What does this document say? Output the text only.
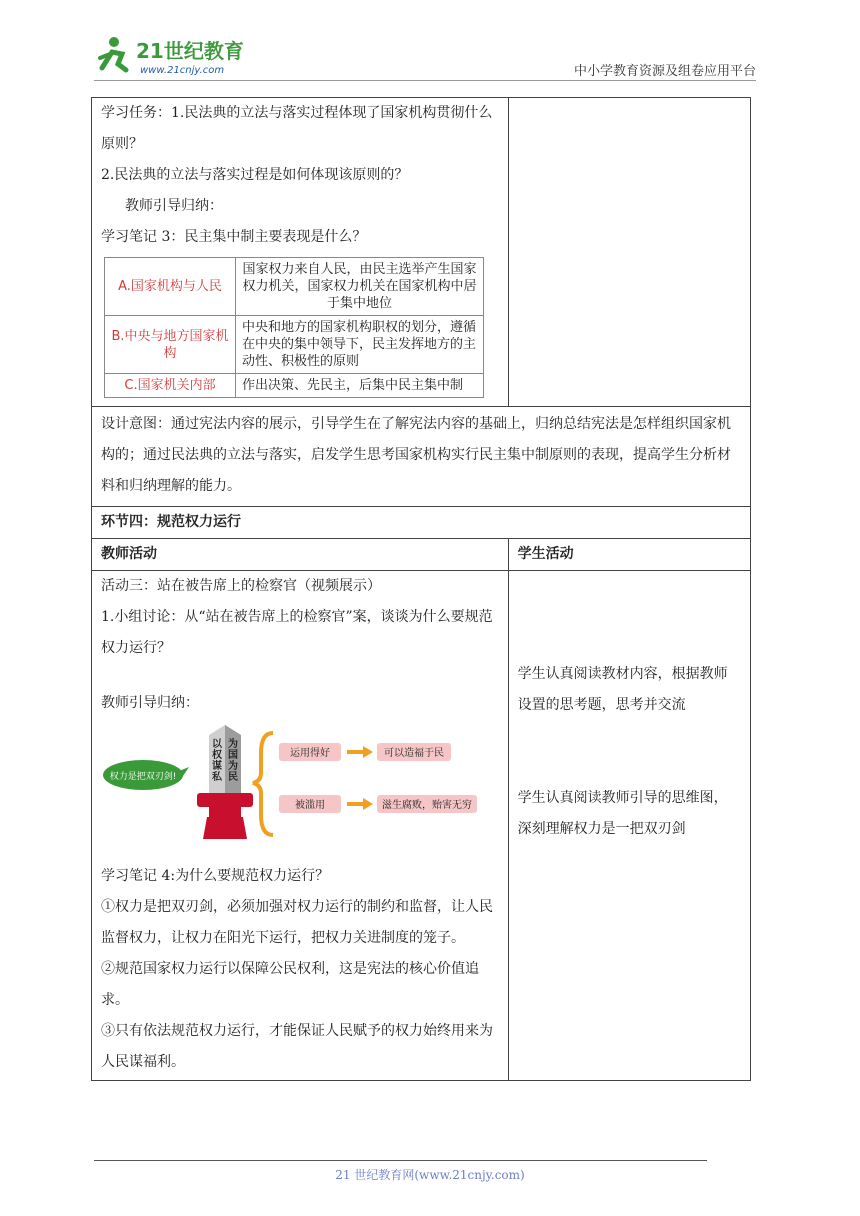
21世纪教育
www.21cnjy.com	中小学教育资源及组卷应用平台

学习任务：1.民法典的立法与落实过程体现了国家机构贯彻什么原则？

2.民法典的立法与落实过程是如何体现该原则的？

教师引导归纳：

学习笔记 3：民主集中制主要表现是什么？

A.国家机构与人民	国家权力来自人民，由民主选举产生国家权力机关，国家权力机关在国家机构中居于集中地位
B.中央与地方国家机构	中央和地方的国家机构职权的划分，遵循在中央的集中领导下，民主发挥地方的主动性、积极性的原则
C.国家机关内部	作出决策、先民主，后集中民主集中制

设计意图：通过宪法内容的展示，引导学生在了解宪法内容的基础上，归纳总结宪法是怎样组织国家机构的；通过民法典的立法与落实，启发学生思考国家机构实行民主集中制原则的表现，提高学生分析材料和归纳理解的能力。
环节四：规范权力运行
教师活动	学生活动

活动三：站在被告席上的检察官（视频展示）

1.小组讨论：从“站在被告席上的检察官”案，谈谈为什么要规范权力运行？

教师引导归纳：

权力是把双刃剑!
以权谋私
为国为民
运用得好	可以造福于民
被滥用	滋生腐败，贻害无穷

学习笔记 4:为什么要规范权力运行？

①权力是把双刃剑，必须加强对权力运行的制约和监督，让人民监督权力，让权力在阳光下运行，把权力关进制度的笼子。

②规范国家权力运行以保障公民权利，这是宪法的核心价值追求。

③只有依法规范权力运行，才能保证人民赋予的权力始终用来为人民谋福利。

学生认真阅读教材内容，根据教师设置的思考题，思考并交流

学生认真阅读教师引导的思维图，深刻理解权力是一把双刃剑

21 世纪教育网(www.21cnjy.com)
